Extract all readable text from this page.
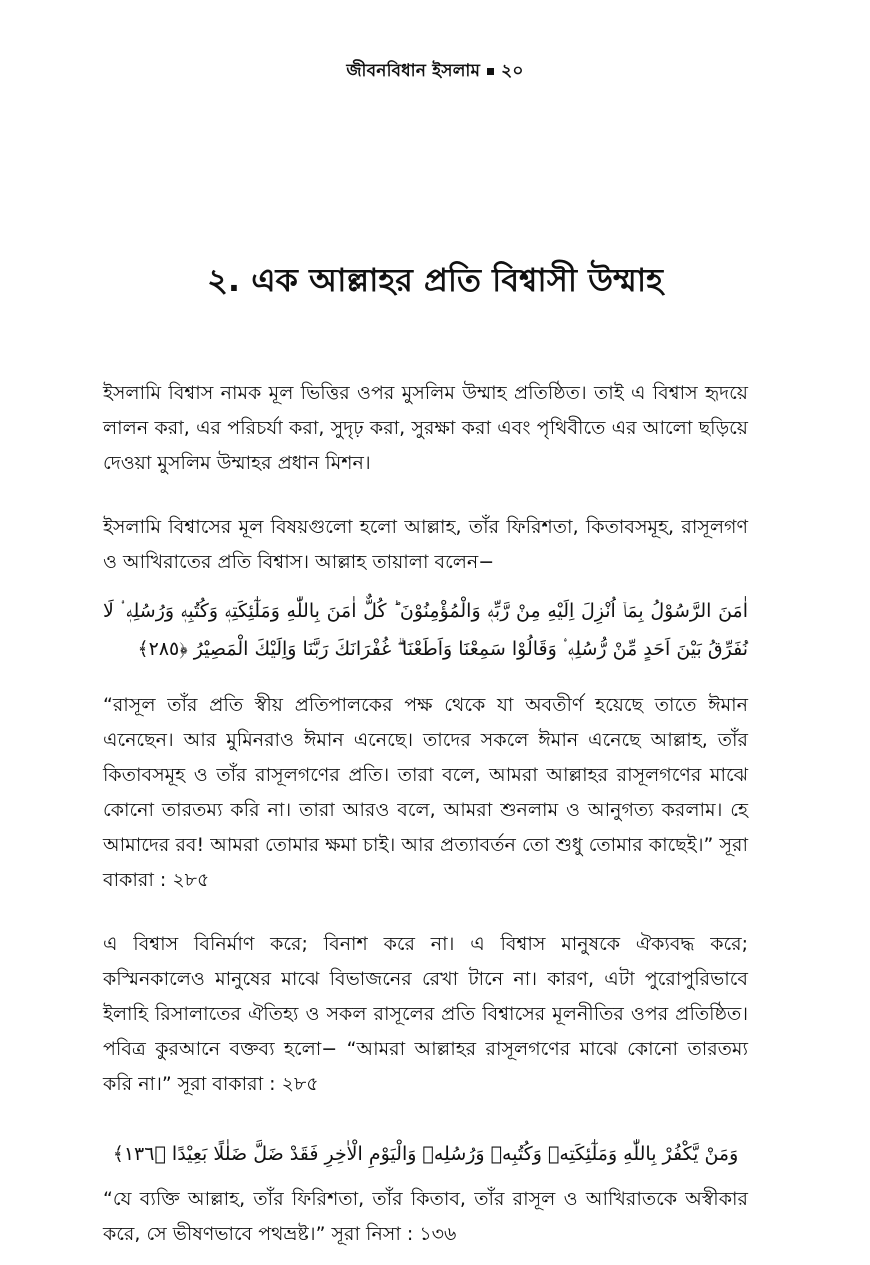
জীবনবিধান ইসলাম ২০
২. এক আল্লাহর প্রতি বিশ্বাসী উম্মাহ

ইসলামি বিশ্বাস নামক মূল ভিত্তির ওপর মুসলিম উম্মাহ প্রতিষ্ঠিত। তাই এ বিশ্বাস হৃদয়ে লালন করা, এর পরিচর্যা করা, সুদৃঢ় করা, সুরক্ষা করা এবং পৃথিবীতে এর আলো ছড়িয়ে দেওয়া মুসলিম উম্মাহর প্রধান মিশন।

ইসলামি বিশ্বাসের মূল বিষয়গুলো হলো আল্লাহ, তাঁর ফিরিশতা, কিতাবসমূহ, রাসূলগণ ও আখিরাতের প্রতি বিশ্বাস। আল্লাহ তায়ালা বলেন−

اٰمَنَ الرَّسُوْلُ بِمَاۤ اُنْزِلَ اِلَيْهِ مِنْ رَّبِّهٖ وَالْمُؤْمِنُوْنَ ؕ كُلٌّ اٰمَنَ بِاللّٰهِ وَمَلٰٓئِكَتِهٖ وَكُتُبِهٖ وَرُسُلِهٖ ۟ لَا نُفَرِّقُ بَيْنَ اَحَدٍ مِّنْ رُّسُلِهٖ ۟ وَقَالُوْا سَمِعْنَا وَاَطَعْنَا ۗ غُفْرَانَكَ رَبَّنَا وَاِلَيْكَ الْمَصِيْرُ ﴿٢٨٥﴾

“রাসূল তাঁর প্রতি স্বীয় প্রতিপালকের পক্ষ থেকে যা অবতীর্ণ হয়েছে তাতে ঈমান এনেছেন। আর মুমিনরাও ঈমান এনেছে। তাদের সকলে ঈমান এনেছে আল্লাহ, তাঁর কিতাবসমূহ ও তাঁর রাসূলগণের প্রতি। তারা বলে, আমরা আল্লাহর রাসূলগণের মাঝে কোনো তারতম্য করি না। তারা আরও বলে, আমরা শুনলাম ও আনুগত্য করলাম। হে আমাদের রব! আমরা তোমার ক্ষমা চাই। আর প্রত্যাবর্তন তো শুধু তোমার কাছেই।” সূরা বাকারা : ২৮৫

এ বিশ্বাস বিনির্মাণ করে; বিনাশ করে না। এ বিশ্বাস মানুষকে ঐক্যবদ্ধ করে; কস্মিনকালেও মানুষের মাঝে বিভাজনের রেখা টানে না। কারণ, এটা পুরোপুরিভাবে ইলাহি রিসালাতের ঐতিহ্য ও সকল রাসূলের প্রতি বিশ্বাসের মূলনীতির ওপর প্রতিষ্ঠিত। পবিত্র কুরআনে বক্তব্য হলো− “আমরা আল্লাহর রাসূলগণের মাঝে কোনো তারতম্য করি না।” সূরা বাকারা : ২৮৫

وَمَنْ يَّكْفُرْ بِاللّٰهِ وَمَلٰٓئِكَتِهٖ وَكُتُبِهٖ وَرُسُلِهٖ وَالْيَوْمِ الْاٰخِرِ فَقَدْ ضَلَّ ضَلٰلًا بَعِيْدًا ﴿١٣٦﴾

“যে ব্যক্তি আল্লাহ, তাঁর ফিরিশতা, তাঁর কিতাব, তাঁর রাসূল ও আখিরাতকে অস্বীকার করে, সে ভীষণভাবে পথভ্রষ্ট।” সূরা নিসা : ১৩৬
